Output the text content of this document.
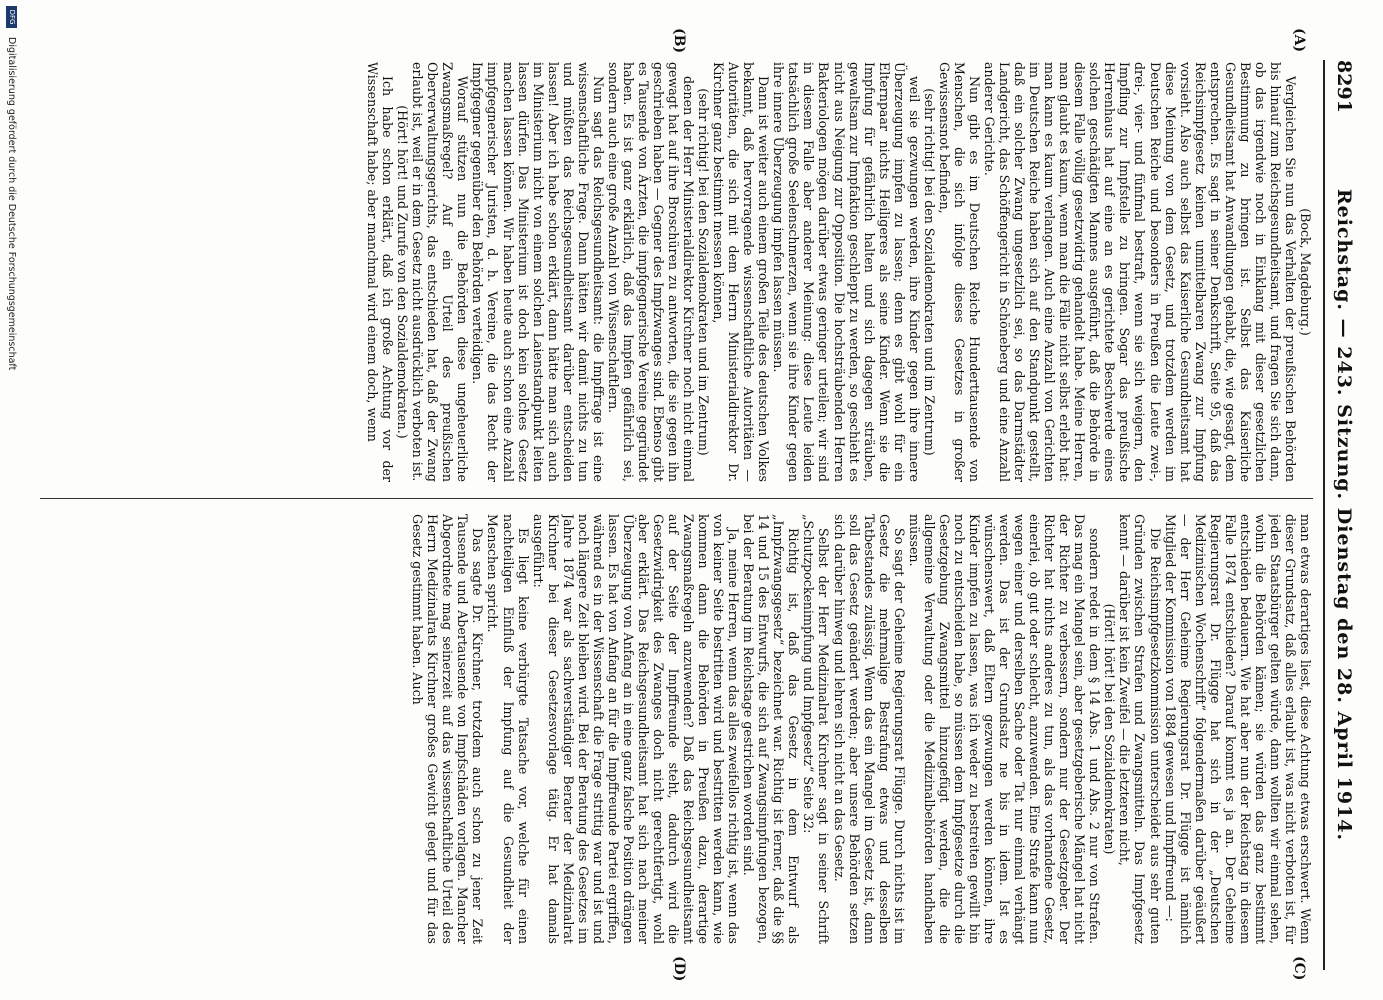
8291
Reichstag. — 243. Sitzung. Dienstag den 28. April 1914.
(A)
(B)
(C)
(D)

(Bock, Magdeburg.)

Vergleichen Sie nun das Verhalten der preußischen Behörden bis hinauf zum Reichsgesundheitsamt, und fragen Sie sich dann, ob das irgendwie noch in Einklang mit dieser gesetzlichen Bestimmung zu bringen ist. Selbst das Kaiserliche Gesundheitsamt hat Anwandlungen gehabt, die, wie gesagt, dem entsprechen. Es sagt in seiner Denkschrift, Seite 95, daß das Reichsimpfgesetz keinen unmittelbaren Zwang zur Impfung vorsieht. Also auch selbst das Kaiserliche Gesundheitsamt hat diese Meinung von dem Gesetz, und trotzdem werden im Deutschen Reiche und besonders in Preußen die Leute zwei-, drei-, vier- und fünfmal bestraft, wenn sie sich weigern, den Impfling zur Impfstelle zu bringen. Sogar das preußische Herrenhaus hat auf eine an es gerichtete Beschwerde eines solchen geschädigten Mannes ausgeführt, daß die Behörde in diesem Falle völlig gesetzwidrig gehandelt habe. Meine Herren, man glaubt es kaum, wenn man die Fälle nicht selbst erlebt hat: man kann es kaum verlangen. Auch eine Anzahl von Gerichten im Deutschen Reiche haben sich auf den Standpunkt gestellt, daß ein solcher Zwang ungesetzlich sei, so das Darmstädter Landgericht, das Schöffengericht in Schöneberg und eine Anzahl anderer Gerichte.

Nun gibt es im Deutschen Reiche Hunderttausende von Menschen, die sich infolge dieses Gesetzes in großer Gewissensnot befinden,

(sehr richtig! bei den Sozialdemokraten und im Zentrum)

weil sie gezwungen werden, ihre Kinder gegen ihre innere Überzeugung impfen zu lassen; denn es gibt wohl für ein Elternpaar nichts Heiligeres als seine Kinder. Wenn sie die Impfung für gefährlich halten und sich dagegen sträuben, gewaltsam zur Impfaktion geschleppt zu werden, so geschieht es nicht aus Neigung zur Opposition. Die hochsträubenden Herren Bakteriologen mögen darüber etwas geringer urteilen; wir sind in diesem Falle aber anderer Meinung: diese Leute leiden tatsächlich große Seelenschmerzen, wenn sie ihre Kinder gegen ihre innere Überzeugung impfen lassen müssen.

Dann ist weiter auch einem großen Teile des deutschen Volkes bekannt, daß hervorragende wissenschaftliche Autoritäten — Autoritäten, die sich mit dem Herrn Ministerialdirektor Dr. Kirchner ganz bestimmt messen können,

(sehr richtig! bei den Sozialdemokraten und im Zentrum)

denen der Herr Ministerialdirektor Kirchner noch nicht einmal gewagt hat auf ihre Broschüren zu antworten, die sie gegen ihn geschrieben haben — Gegner des Impfzwanges sind. Ebenso gibt es Tausende von Ärzten, die impfgegnerische Vereine gegründet haben. Es ist ganz erklärlich, daß das Impfen gefährlich sei, sondern auch eine große Anzahl von Wissenschaftlern.

Nun sagt das Reichsgesundheitsamt: die Impffrage ist eine wissenschaftliche Frage. Dann hätten wir damit nichts zu tun und müßten das Reichsgesundheitsamt darüber entscheiden lassen! Aber ich habe schon erklärt, dann hätte man sich auch im Ministerium nicht von einem solchen Laienstandpunkt leiten lassen dürfen. Das Ministerium ist doch kein solches Gesetz machen lassen können. Wir haben heute auch schon eine Anzahl impfgegnerischer Juristen, d. h. Vereine, die das Recht der Impfgegner gegenüber den Behörden verteidigen.

Worauf stützen nun die Behörden diese ungeheuerliche Zwangsmaßregel? Auf ein Urteil des preußischen Oberverwaltungsgerichts, das entschieden hat, daß der Zwang erlaubt ist, weil er in dem Gesetz nicht ausdrücklich verboten ist.

(Hört! hört! und Zurufe von den Sozialdemokraten.)

Ich habe schon erklärt, daß ich große Achtung vor der Wissenschaft habe; aber manchmal wird einem doch, wenn

man etwas derartiges liest, diese Achtung etwas erschwert. Wenn dieser Grundsatz, daß alles erlaubt ist, was nicht verboten ist, für jeden Staatsbürger gelten würde, dann wollten wir einmal sehen, wohin die Behörden kämen; sie würden das ganz bestimmt entschieden bedauern. Wie hat aber nun der Reichstag in diesem Falle 1874 entschieden? Darauf kommt es ja an. Der Geheime Regierungsrat Dr. Flügge hat sich in der „Deutschen Medizinischen Wochenschrift“ folgendermaßen darüber geäußert — der Herr Geheime Regierungsrat Dr. Flügge ist nämlich Mitglied der Kommission von 1884 gewesen und Impffreund —:

Die Reichsimpfgesetzkommission unterscheidet aus sehr guten Gründen zwischen Strafen und Zwangsmitteln. Das Impfgesetz kennt — darüber ist kein Zweifel — die letzteren nicht,

(Hört! hört! bei den Sozialdemokraten)

sondern redet in dem § 14 Abs. 1 und Abs. 2 nur von Strafen. Das mag ein Mangel sein, aber gesetzgeberische Mängel hat nicht der Richter zu verbessern, sondern nur der Gesetzgeber. Der Richter hat nichts anderes zu tun, als das vorhandene Gesetz, einerlei, ob gut oder schlecht, anzuwenden. Eine Strafe kann nun wegen einer und derselben Sache oder Tat nur einmal verhängt werden. Das ist der Grundsatz ne bis in idem. Ist es wünschenswert, daß Eltern gezwungen werden können, ihre Kinder impfen zu lassen, was ich weder zu bestreiten gewillt bin noch zu entscheiden habe, so müssen dem Impfgesetze durch die Gesetzgebung Zwangsmittel hinzugefügt werden, die die allgemeine Verwaltung oder die Medizinalbehörden handhaben müssen.

So sagt der Geheime Regierungsrat Flügge. Durch nichts ist im Gesetz die mehrmalige Bestrafung etwas und desselben Tatbestandes zulässig. Wenn das ein Mangel im Gesetz ist, dann soll das Gesetz geändert werden; aber unsere Behörden setzen sich darüber hinweg und lehren sich nicht an das Gesetz.

Selbst der Herr Medizinalrat Kirchner sagt in seiner Schrift „Schutzpockenimpfung und Impfgesetz“ Seite 32:

Richtig ist, daß das Gesetz in dem Entwurf als „Impfzwangsgesetz“ bezeichnet war. Richtig ist ferner, daß die §§ 14 und 15 des Entwurfs, die sich auf Zwangsimpfungen bezogen, bei der Beratung im Reichstage gestrichen worden sind.

Ja, meine Herren, wenn das alles zweifellos richtig ist, wenn das von keiner Seite bestritten wird und bestritten werden kann, wie kommen dann die Behörden in Preußen dazu, derartige Zwangsmaßregeln anzuwenden? Daß das Reichsgesundheitsamt auf der Seite der Impffreunde steht, dadurch wird die Gesetzwidrigkeit des Zwanges doch nicht gerechtfertigt, wohl aber erklärt. Das Reichsgesundheitsamt hat sich nach meiner Überzeugung von Anfang an in eine ganz falsche Position drängen lassen. Es hat von Anfang an für die Impffreunde Partei ergriffen, während es in der Wissenschaft die Frage strittig war und ist und noch längere Zeit bleiben wird. Bei der Beratung des Gesetzes im Jahre 1874 war als sachverständiger Berater der Medizinalrat Kirchner bei dieser Gesetzesvorlage tätig. Er hat damals ausgeführt:

Es liegt keine verbürgte Tatsache vor, welche für einen nachteiligen Einfluß der Impfung auf die Gesundheit der Menschen spricht.

Das sagte Dr. Kirchner, trotzdem auch schon zu jener Zeit Tausende und Abertausende von Impfschäden vorlagen. Mancher Abgeordnete mag seinerzeit auf das wissenschaftliche Urteil des Herrn Medizinalrats Kirchner großes Gewicht gelegt und für das Gesetz gestimmt haben. Auch

DFG Digitalisierung gefördert durch die Deutsche Forschungsgemeinschaft
